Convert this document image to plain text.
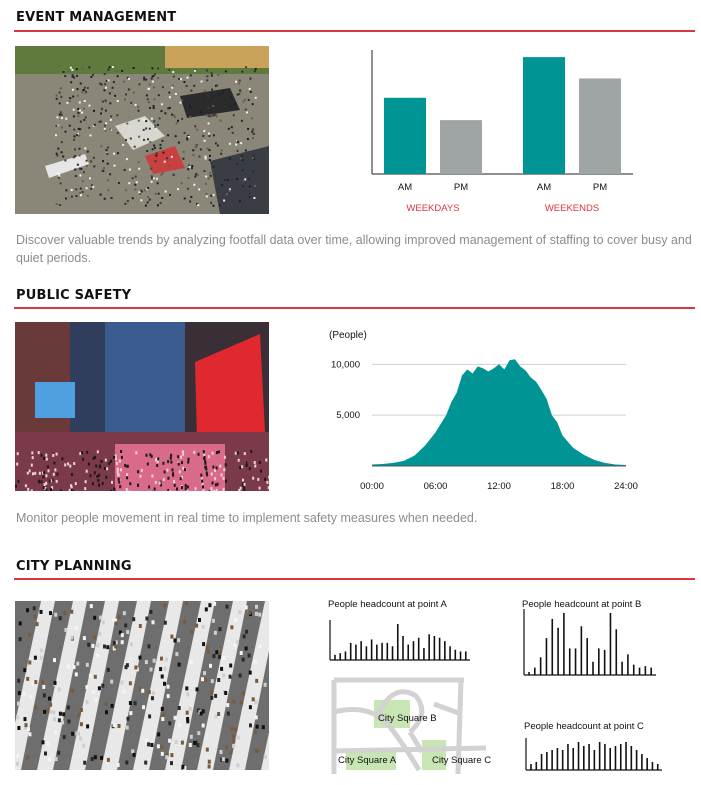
EVENT MANAGEMENT
AM	PM
WEEKDAYS
AM	PM
WEEKENDS
Discover valuable trends by analyzing footfall data over time, allowing improved management of staffing to cover busy and quiet periods.
PUBLIC SAFETY
(People)
5,000
10,000
00:00	06:00	12:00	18:00	24:00
Monitor people movement in real time to implement safety measures when needed.
CITY PLANNING
People headcount at point A	People headcount at point B
People headcount at point C
City Square B
City Square A	City Square C
